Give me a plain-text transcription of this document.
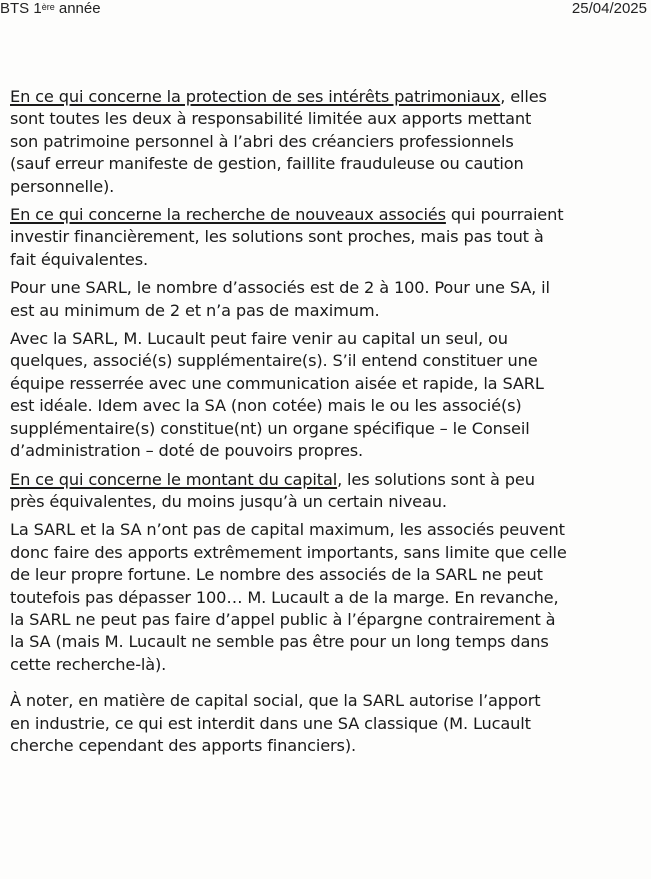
BTS 1ère année	25/04/2025

En ce qui concerne la protection de ses intérêts patrimoniaux, elles
sont toutes les deux à responsabilité limitée aux apports mettant
son patrimoine personnel à l’abri des créanciers professionnels
(sauf erreur manifeste de gestion, faillite frauduleuse ou caution
personnelle).

En ce qui concerne la recherche de nouveaux associés qui pourraient
investir financièrement, les solutions sont proches, mais pas tout à
fait équivalentes.

Pour une SARL, le nombre d’associés est de 2 à 100. Pour une SA, il
est au minimum de 2 et n’a pas de maximum.

Avec la SARL, M. Lucault peut faire venir au capital un seul, ou
quelques, associé(s) supplémentaire(s). S’il entend constituer une
équipe resserrée avec une communication aisée et rapide, la SARL
est idéale. Idem avec la SA (non cotée) mais le ou les associé(s)
supplémentaire(s) constitue(nt) un organe spécifique – le Conseil
d’administration – doté de pouvoirs propres.

En ce qui concerne le montant du capital, les solutions sont à peu
près équivalentes, du moins jusqu’à un certain niveau.

La SARL et la SA n’ont pas de capital maximum, les associés peuvent
donc faire des apports extrêmement importants, sans limite que celle
de leur propre fortune. Le nombre des associés de la SARL ne peut
toutefois pas dépasser 100… M. Lucault a de la marge. En revanche,
la SARL ne peut pas faire d’appel public à l’épargne contrairement à
la SA (mais M. Lucault ne semble pas être pour un long temps dans
cette recherche-là).

À noter, en matière de capital social, que la SARL autorise l’apport
en industrie, ce qui est interdit dans une SA classique (M. Lucault
cherche cependant des apports financiers).
